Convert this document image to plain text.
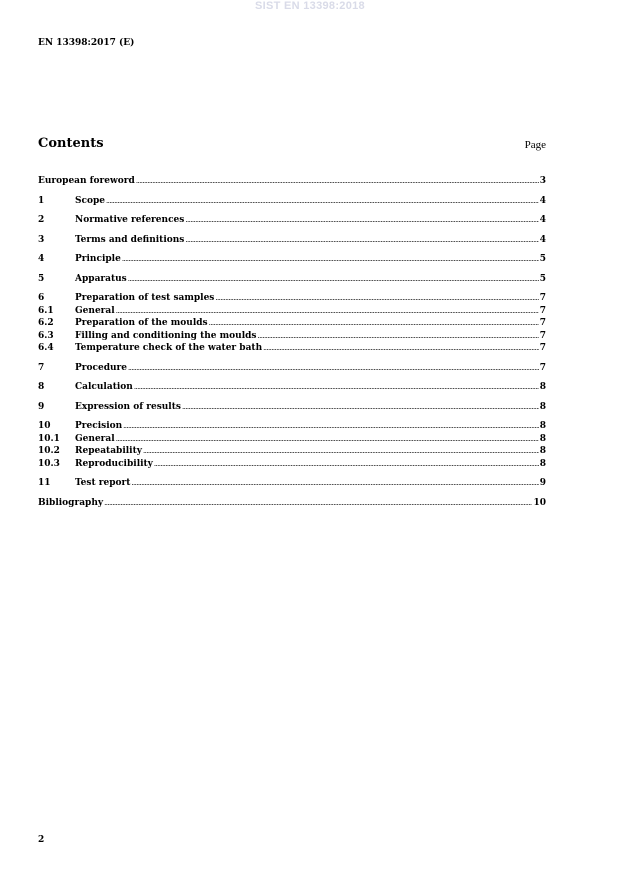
SIST EN 13398:2018
EN 13398:2017 (E)
Contents	Page
European foreword .....	3
1	Scope .....	4
2	Normative references .....	4
3	Terms and definitions .....	4
4	Principle .....	5
5	Apparatus .....	5
6	Preparation of test samples .....	7
6.1	General .....	7
6.2	Preparation of the moulds .....	7
6.3	Filling and conditioning the moulds .....	7
6.4	Temperature check of the water bath .....	7
7	Procedure .....	7
8	Calculation .....	8
9	Expression of results .....	8
10	Precision .....	8
10.1	General .....	8
10.2	Repeatability .....	8
10.3	Reproducibility .....	8
11	Test report .....	9
Bibliography .....	10
2
